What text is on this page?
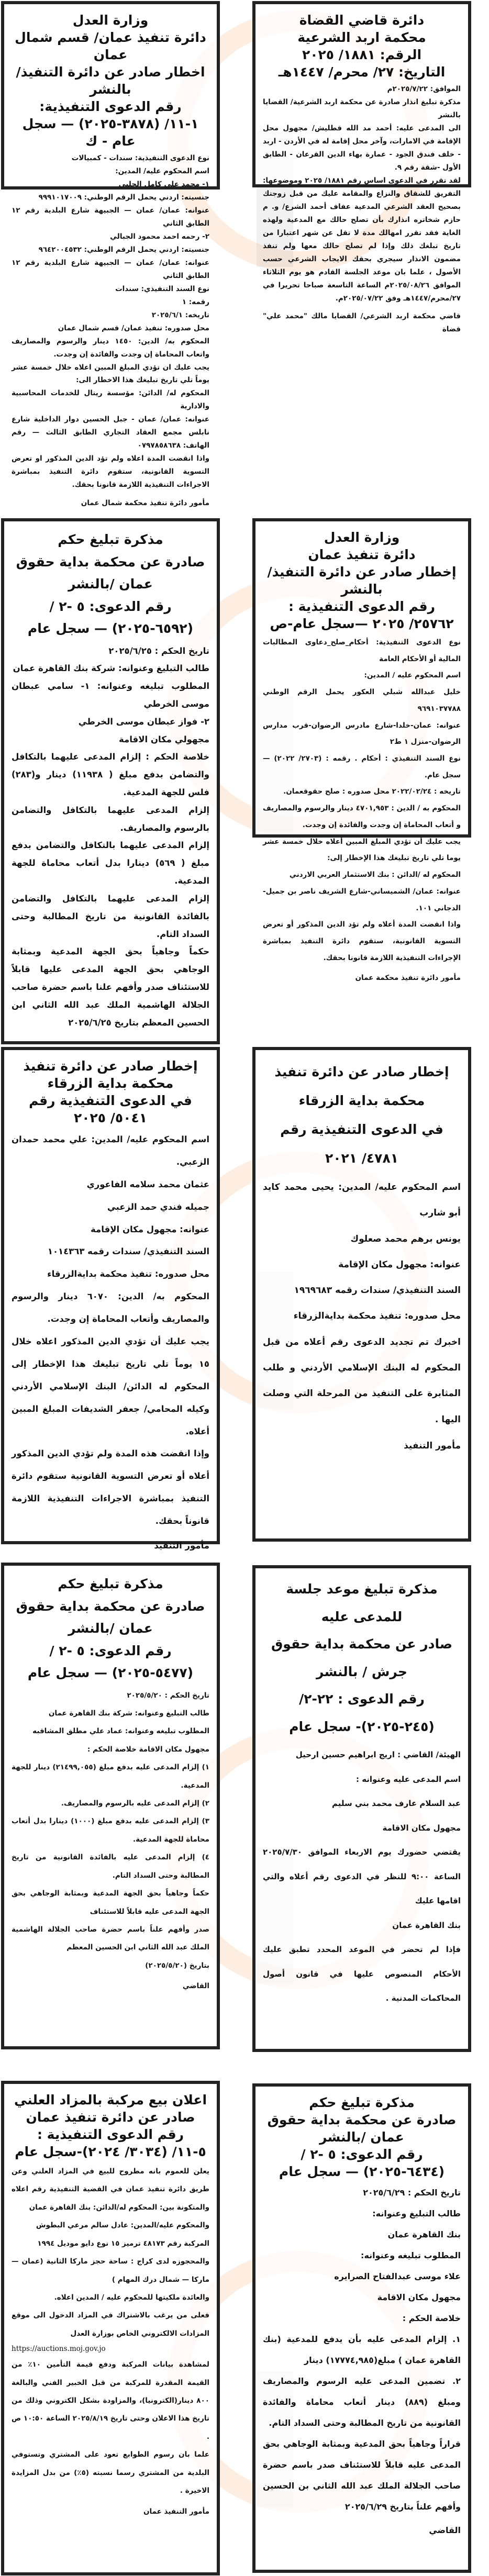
دائرة قاضي القضاة
محكمة اربد الشرعية
الرقم: ١٨٨١/ ٢٠٢٥
التاريخ: ٢٧/ محرم/ ١٤٤٧هـ

الموافق: ٢٠٢٥/٧/٢٢م

مذكرة تبليغ انذار صادرة عن محكمة اربد الشرعية/ القضايا بالنشر

الى المدعى عليه: أحمد مد الله قطليش/ مجهول محل الإقامة في الامارات، وآخر محل إقامة له في الأردن - اربد - خلف فندق الجود - عمارة بهاء الدين القرعان - الطابق الأول -شقة رقم ٩.

لقد تقرر في الدعوى اساس رقم ١٨٨١/ ٢٠٢٥ وموضوعها: التفريق للشقاق والنزاع والمقامة عليك من قبل زوجتك بصحيح العقد الشرعي المدعية عفاف أحمد الشرع/ و. م حازم شخاتره انذارك بأن تصلح حالك مع المدعية ولهذه الغاية فقد تقرر امهالك مدة لا تقل عن شهر اعتبارا من تاريخ تبلغك ذلك وإذا لم تصلح حالك معها ولم تنفذ مضمون الانذار سيجري بحقك الايجاب الشرعي حسب الأصول ، علما بان موعد الجلسة القادم هو يوم الثلاثاء الموافق ٢٠٢٥/٠٨/٢٦م الساعة التاسعة صباحا تحريرا في ٢٧/محرم/١٤٤٧هـ وفق ٢٠٢٥/٠٧/٢٢م.

قاضي محكمة اربد الشرعي/ القضايا مالك "محمد علي" قضاة

وزارة العدل
دائرة تنفيذ عمان
إخطار صادر عن دائرة التنفيذ/ بالنشر
رقم الدعوى التنفيذية :
٢٥٧٦٢/ ٢٠٢٥ —سجل عام-ص

نوع الدعوى التنفيذية: أحكام_صلح_دعاوى المطالبات المالية أو الأحكام العامة

اسم المحكوم عليه / المدين:

خليل عبدالله شبلي العكور يحمل الرقم الوطني ٩٦٩١٠٣٧٧٨٨

عنوانه: عمان-خلدا-شارع مادرس الرضوان-قرب مدارس الرضوان-منزل ١ ط٢

نوع السند التنفيذي : أحكام . رقمه : (٢٧٠٣/ ٢٠٢٢) — سجل عام.

تاريخه : ٢٠٢٢/٠٢/٢٤ محل صدوره : صلح حقوقعمان.

المحكوم به / الدين : ٤٧٠١,٩٥٣ دينار والرسوم والمصاريف و أتعاب المحاماة إن وجدت والفائدة إن وجدت.

يجب عليك أن تؤدي المبلغ المبين أعلاه خلال خمسة عشر يوما تلي تاريخ تبليغك هذا الإخطار إلى:

المحكوم له /الدائن : بنك الاستثمار العربي الاردني

عنوانه: عمان/ الشميساني-شارع الشريف ناصر بن جميل-الدجاني ١٠١.

واذا انقضت المدة أعلاه ولم تؤد الدين المذكور أو تعرض التسوية القانونية، ستقوم دائرة التنفيذ بمباشرة الإجراءات التنفيذية اللازمة قانونا بحقك.

مأمور دائرة تنفيذ محكمة عمان

إخطار صادر عن دائرة تنفيذ
محكمة بداية الزرقاء
في الدعوى التنفيذية رقم
٤٧٨١/ ٢٠٢١

اسم المحكوم عليه/ المدين: يحيى محمد كايد أبو شارب

يونس برهم محمد صعلوك

عنوانه: مجهول مكان الإقامة

السند التنفيذي/ سندات رقمه ١٩٦٩٦٨٣

محل صدوره: تنفيذ محكمة بدايةالزرقاء

اخبرك تم تجديد الدعوى رقم أعلاه من قبل المحكوم له البنك الإسلامي الأردني و طلب المثابرة على التنفيذ من المرحلة التي وصلت اليها .

مأمور التنفيذ

مذكرة تبليغ موعد جلسة
للمدعى عليه
صادر عن محكمة بداية حقوق جرش / بالنشر
رقم الدعوى : ٢٢-٢/ (٢٤٥-٢٠٢٥)- سجل عام

الهيئة/ القاضي : اريج ابراهيم حسين ارحيل

اسم المدعى عليه وعنوانه :

عبد السلام عارف محمد بني سليم

مجهول مكان الاقامة

يقتضي حضورك يوم الاربعاء الموافق ٢٠٢٥/٧/٣٠ الساعة ٩:٠٠ للنظر في الدعوى رقم أعلاه والتي اقامها عليك

بنك القاهرة عمان

فإذا لم تحضر في الموعد المحدد تطبق عليك الأحكام المنصوص عليها في قانون أصول المحاكمات المدنية .

مذكرة تبليغ حكم
صادرة عن محكمة بداية حقوق عمان /بالنشر
رقم الدعوى: ٥ -٢ / (٦٤٣٤-٢٠٢٥) — سجل عام

تاريخ الحكم : ٢٠٢٥/٦/٢٩

طالب التبليغ وعنوانه:

بنك القاهرة عمان

المطلوب تبليغه وعنوانه:

علاء موسى عبدالفتاح الصرايره

مجهول مكان الاقامة

خلاصة الحكم :

١. إلزام المدعى عليه بأن يدفع للمدعية (بنك القاهرة عمان ) مبلغ(١٧٧٧٤,٩٨٥) دينار

٢. تضمين المدعى عليه الرسوم والمصاريف ومبلغ (٨٨٩) دينار أتعاب محاماة والفائدة القانونية من تاريخ المطالبة وحتى السداد التام.

قراراً وجاهياً بحق المدعية وبمثابة الوجاهي بحق المدعى عليه قابلاً للاستئناف صدر باسم حضرة صاحب الجلالة الملك عبد الله الثاني بن الحسين وأفهم علناً بتاريخ ٢٠٢٥/٦/٢٩

القاضي

وزارة العدل
دائرة تنفيذ عمان/ قسم شمال عمان
اخطار صادر عن دائرة التنفيذ/ بالنشر
رقم الدعوى التنفيذية:
١-١١/ (٣٨٧٨-٢٠٢٥) — سجل عام - ك

نوع الدعوى التنفيذية: سندات - كمبيالات

اسم المحكوم عليه/ المدين:

١- محمد علي كامل الحلبي

جنسيته: اردني يحمل الرقم الوطني: ٩٩٩١٠١٧٠٠٩

عنوانه: عمان/ عمان — الجبيهة شارع البلدية رقم ١٢ الطابق الثاني

٢- رحمه احمد محمود الجبالي

جنسيته: اردني يحمل الرقم الوطني: ٩٦٤٢٠٠٤٥٣٢

عنوانه: عمان/ عمان — الجبيهة شارع البلدية رقم ١٢ الطابق الثاني

نوع السند التنفيذي: سندات

رقمه: ١

تاريخه: ٢٠٢٥/٦/١

محل صدوره: تنفيذ عمان/ قسم شمال عمان

المحكوم به/ الدين: ١٤٥٠ دينار والرسوم والمصاريف واتعاب المحاماة إن وجدت والفائدة إن وجدت.

يجب عليك ان تؤدي المبلغ المبين اعلاه خلال خمسة عشر يوماً تلي تاريخ تبليغك هذا الاخطار الى:

المحكوم له/ الدائن: مؤسسة ريتال للخدمات المحاسبية والادارية

عنوانه: عمان/ عمان - جبل الحسين دوار الداخلية شارع نابلس مجمع العقاد التجاري الطابق الثالث — رقم الهاتف: ٠٧٩٧٨٥٨٦٣٨

واذا انقضت المدة اعلاه ولم تؤد الدين المذكور او تعرض التسوية القانونية، ستقوم دائرة التنفيذ بمباشرة الاجراءات التنفيذية اللازمة قانونا بحقك.

مأمور دائرة تنفيذ محكمة شمال عمان

مذكرة تبليغ حكم
صادرة عن محكمة بداية حقوق عمان /بالنشر
رقم الدعوى: ٥ -٢ / (٦٥٩٢-٢٠٢٥) — سجل عام

تاريخ الحكم : ٢٠٢٥/٦/٢٥

طالب التبليغ وعنوانه: شركة بنك القاهرة عمان

المطلوب تبليغه وعنوانه: ١- سامي عبطان موسى الخرطي

٢- فواز عبطان موسى الخرطي

مجهولي مكان الاقامة

خلاصة الحكم : إلزام المدعى عليهما بالتكافل والتضامن بدفع مبلغ ( ١١٩٣٨) دينار و(٢٨٣) فلس للجهة المدعية.

إلزام المدعى عليهما بالتكافل والتضامن بالرسوم والمصاريف.

إلزام المدعى عليهما بالتكافل والتضامن بدفع مبلغ ( ٥٦٩) دينارا بدل أتعاب محاماة للجهة المدعية.

إلزام المدعى عليهما بالتكافل والتضامن بالفائدة القانونية من تاريخ المطالبة وحتى السداد التام.

حكماً وجاهياً بحق الجهة المدعية وبمثابة الوجاهي بحق الجهة المدعى عليها قابلاً للاستئناف صدر وأفهم علنا باسم حضرة صاحب الجلالة الهاشمية الملك عبد الله الثاني ابن الحسين المعظم بتاريخ ٢٠٢٥/٦/٢٥

إخطار صادر عن دائرة تنفيذ
محكمة بداية الزرقاء
في الدعوى التنفيذية رقم
٥٠٤١/ ٢٠٢٥

اسم المحكوم عليه/ المدين: علي محمد حمدان الزعبي.

عثمان محمد سلامه الفاعوري

جميله فندي حمد الزعبي

عنوانه: مجهول مكان الإقامة

السند التنفيذي/ سندات رقمه ١٠١٤٣٦٣

محل صدوره: تنفيذ محكمة بدايةالزرقاء

المحكوم به/ الدين: ٦٠٧٠ دينار والرسوم والمصاريف وأتعاب المحاماة إن وجدت.

يجب عليك أن تؤدي الدين المذكور اعلاه خلال ١٥ يوماً تلي تاريخ تبليغك هذا الإخطار إلى المحكوم له الدائن/ البنك الإسلامي الأردني وكيله المحامي/ جعفر الشديفات المبلغ المبين أعلاه.

وإذا انقضت هذه المدة ولم تؤدي الدين المذكور أعلاه أو تعرض التسوية القانونية ستقوم دائرة التنفيذ بمباشرة الاجراءات التنفيذية اللازمة قانوناً بحقك.

مأمور التنفيذ

مذكرة تبليغ حكم
صادرة عن محكمة بداية حقوق عمان /بالنشر
رقم الدعوى: ٥ -٢ / (٥٤٧٧-٢٠٢٥) — سجل عام

تاريخ الحكم : ٢٠٢٥/٥/٢٠

طالب التبليغ وعنوانه: شركة بنك القاهرة عمان

المطلوب تبليغه وعنوانه: عماد علي مطلق المشاقبه

مجهول مكان الاقامة خلاصة الحكم :

١) إلزام المدعى عليه بدفع مبلغ (٢١٤٩٩,٠٥٥) دينار للجهة المدعية.

٢) إلزام المدعى عليه بالرسوم والمصاريف.

٣) إلزام المدعى عليه بدفع مبلغ (١٠٠٠) دينارا بدل أتعاب محاماة للجهة المدعية.

٤) إلزام المدعى عليه بالفائدة القانونية من تاريخ المطالبة وحتى السداد التام.

حكماً وجاهياً بحق الجهة المدعية وبمثابة الوجاهي بحق الجهة المدعى عليه قابلاً للاستئناف

صدر وأفهم علناً باسم حضرة صاحب الجلالة الهاشمية الملك عبد الله الثاني ابن الحسين المعظم

بتاريخ (٢٠٢٥/٥/٢٠)

القاضي

اعلان بيع مركبة بالمزاد العلني
صادر عن دائرة تنفيذ عمان
رقم الدعوى التنفيذية :
٥-١١/ (٣٠٣٤/ ٢٠٢٤)-سجل عام

يعلن للعموم بانه مطروح للبيع في المزاد العلني وعن طريق دائرة تنفيذ عمان في القضية التنفيذية رقم اعلاه والمتكونة بين: المحكوم له/الدائن: بنك القاهرة عمان

والمحكوم عليه/المدين: عادل سالم مرعي البطوش

المركبة رقم ٤٨١٧٣ ترميز ١٥ نوع دايو موديل ١٩٩٤

والمحجوزه لدى كراج : ساحة حجز ماركا الثانية (عمان — ماركا — شمال درك المهام )

والعائدة ملكيتها للمحكوم عليه / المدين اعلاه.

فعلى من يرغب بالاشتراك في المزاد الدخول الى موقع المزادات الالكتروني الخاص بوزارة العدل

https://auctions.moj.gov.jo

لمشاهدة بيانات المركبة ودفع قيمة التأمين ١٠٪ من القيمة المقدرة للمركبة من قبل الخبير الفني والبالغة ٨٠٠ دينار(الكترونيا)، والمزاودة بشكل الكتروني وذلك من تاريخ هذا الاعلان وحتى تاريخ ٢٠٢٥/٨/١٩ الساعة ١٠:٥٠ ص .

علما بان رسوم الطوابع تعود على المشتري وتستوفي البلدية من المشتري رسما نسبته (٥٪) من بدل المزايدة الاخيرة .

مأمور التنفيذ عمان
